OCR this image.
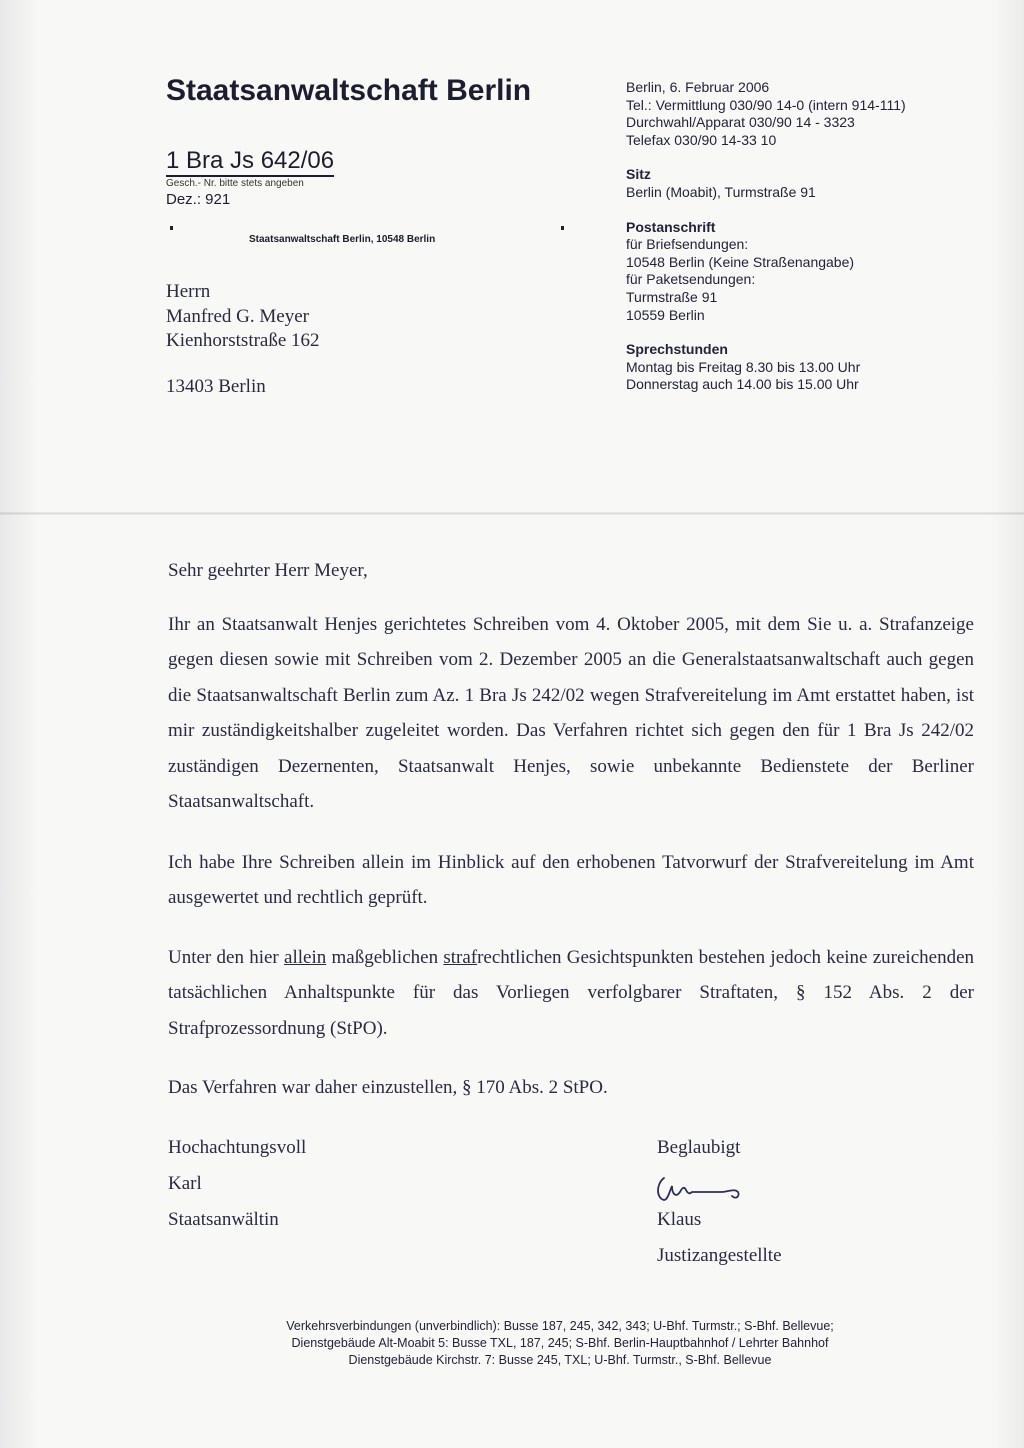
Staatsanwaltschaft Berlin
1 Bra Js 642/06
Gesch.- Nr. bitte stets angeben
Dez.: 921
Staatsanwaltschaft Berlin, 10548 Berlin
Herrn
Manfred G. Meyer
Kienhorststraße 162
13403 Berlin
Berlin, 6. Februar 2006
Tel.: Vermittlung 030/90 14-0 (intern 914-111)
Durchwahl/Apparat 030/90 14 - 3323
Telefax 030/90 14-33 10
Sitz
Berlin (Moabit), Turmstraße 91
Postanschrift
für Briefsendungen:
10548 Berlin (Keine Straßenangabe)
für Paketsendungen:
Turmstraße 91
10559 Berlin
Sprechstunden
Montag bis Freitag 8.30 bis 13.00 Uhr
Donnerstag auch 14.00 bis 15.00 Uhr

Sehr geehrter Herr Meyer,

Ihr an Staatsanwalt Henjes gerichtetes Schreiben vom 4. Oktober 2005, mit dem Sie u. a. Strafanzeige gegen diesen sowie mit Schreiben vom 2. Dezember 2005 an die Generalstaatsanwaltschaft auch gegen die Staatsanwaltschaft Berlin zum Az. 1 Bra Js 242/02 wegen Strafvereitelung im Amt erstattet haben, ist mir zuständigkeitshalber zugeleitet worden. Das Verfahren richtet sich gegen den für 1 Bra Js 242/02 zuständigen Dezernenten, Staatsanwalt Henjes, sowie unbekannte Bedienstete der Berliner Staatsanwaltschaft.

Ich habe Ihre Schreiben allein im Hinblick auf den erhobenen Tatvorwurf der Strafvereitelung im Amt ausgewertet und rechtlich geprüft.

Unter den hier allein maßgeblichen strafrechtlichen Gesichtspunkten bestehen jedoch keine zureichenden tatsächlichen Anhaltspunkte für das Vorliegen verfolgbarer Straftaten, § 152 Abs. 2 der Strafprozessordnung (StPO).

Das Verfahren war daher einzustellen, § 170 Abs. 2 StPO.

Hochachtungsvoll
Karl
Staatsanwältin
Beglaubigt
Klaus
Justizangestellte
Verkehrsverbindungen (unverbindlich): Busse 187, 245, 342, 343; U-Bhf. Turmstr.; S-Bhf. Bellevue;
Dienstgebäude Alt-Moabit 5: Busse TXL, 187, 245; S-Bhf. Berlin-Hauptbahnhof / Lehrter Bahnhof
Dienstgebäude Kirchstr. 7: Busse 245, TXL; U-Bhf. Turmstr., S-Bhf. Bellevue
